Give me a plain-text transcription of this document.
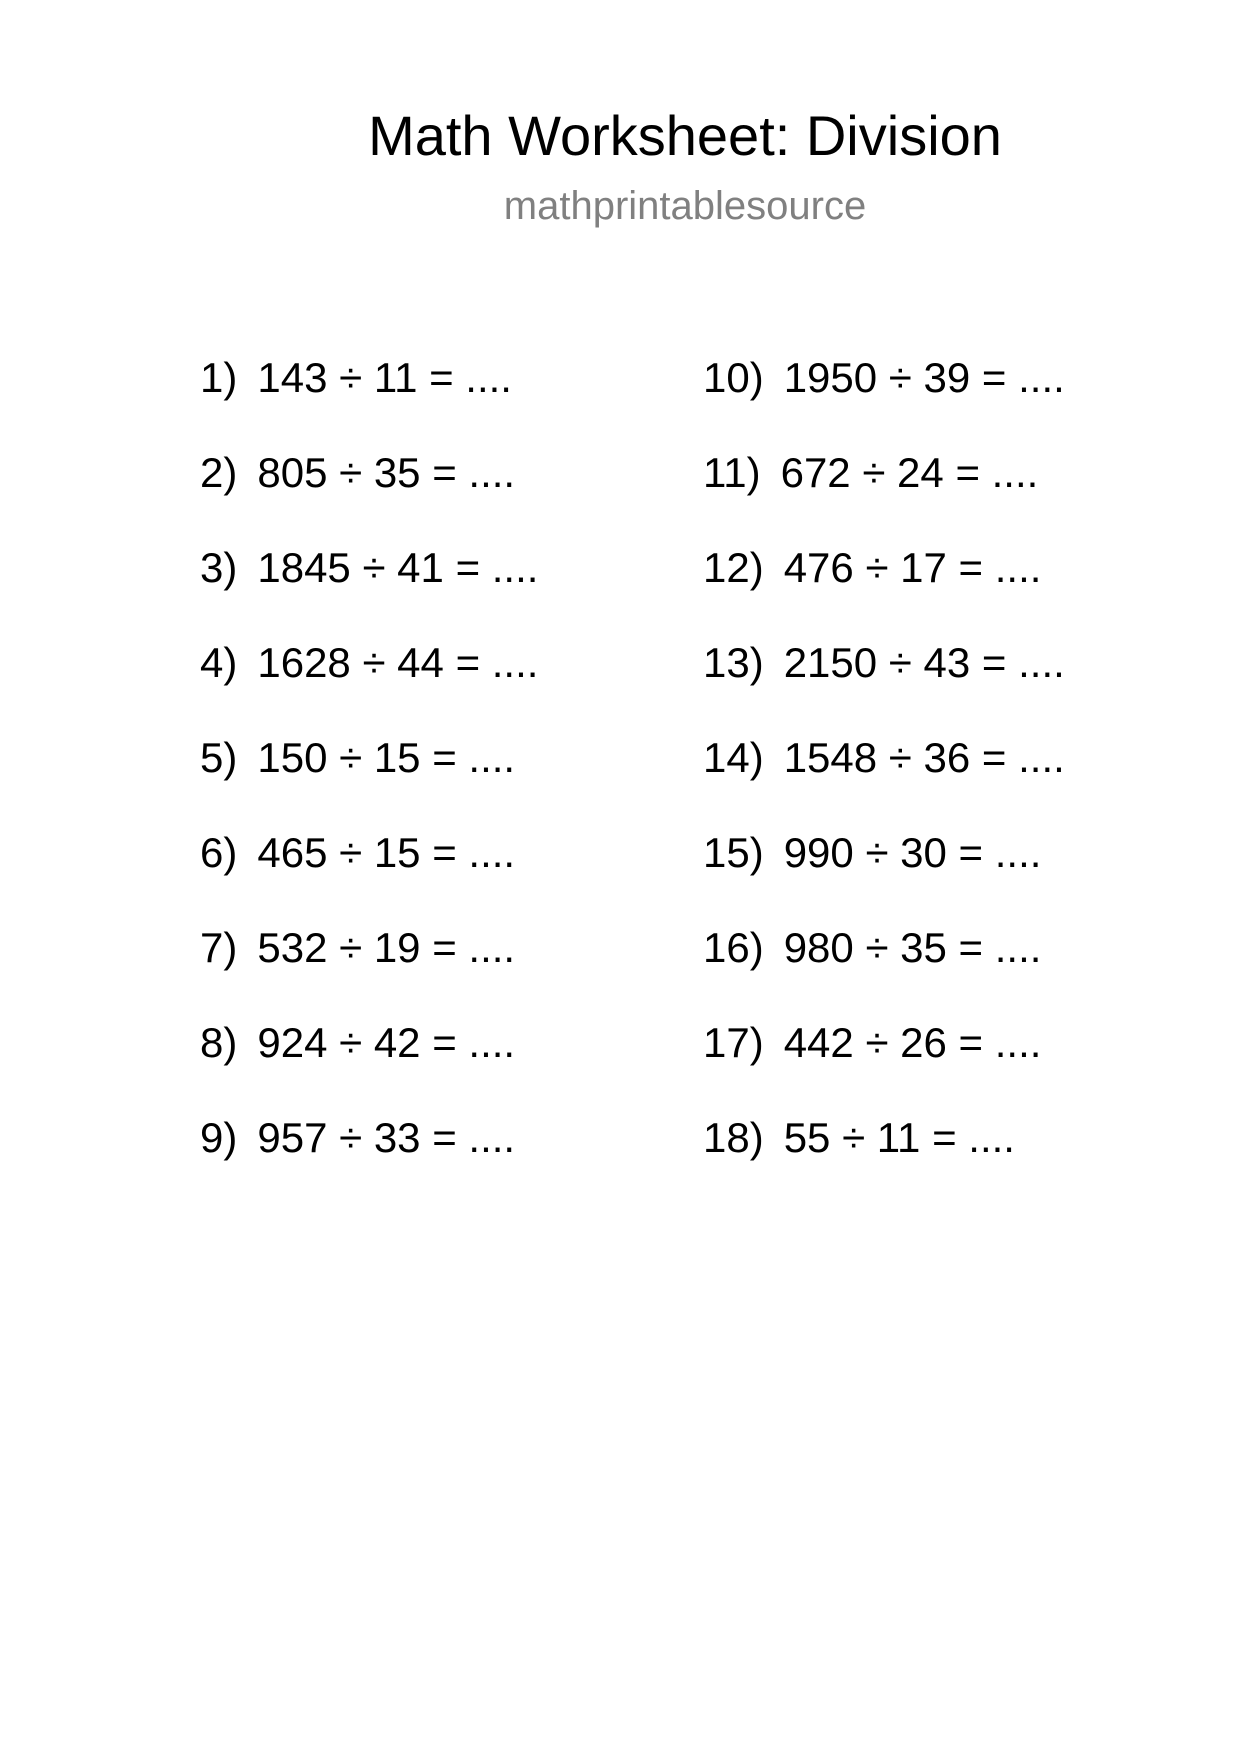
Math Worksheet: Division
mathprintablesource
1) 143 ÷ 11 = ....
2) 805 ÷ 35 = ....
3) 1845 ÷ 41 = ....
4) 1628 ÷ 44 = ....
5) 150 ÷ 15 = ....
6) 465 ÷ 15 = ....
7) 532 ÷ 19 = ....
8) 924 ÷ 42 = ....
9) 957 ÷ 33 = ....
10) 1950 ÷ 39 = ....
11) 672 ÷ 24 = ....
12) 476 ÷ 17 = ....
13) 2150 ÷ 43 = ....
14) 1548 ÷ 36 = ....
15) 990 ÷ 30 = ....
16) 980 ÷ 35 = ....
17) 442 ÷ 26 = ....
18) 55 ÷ 11 = ....
